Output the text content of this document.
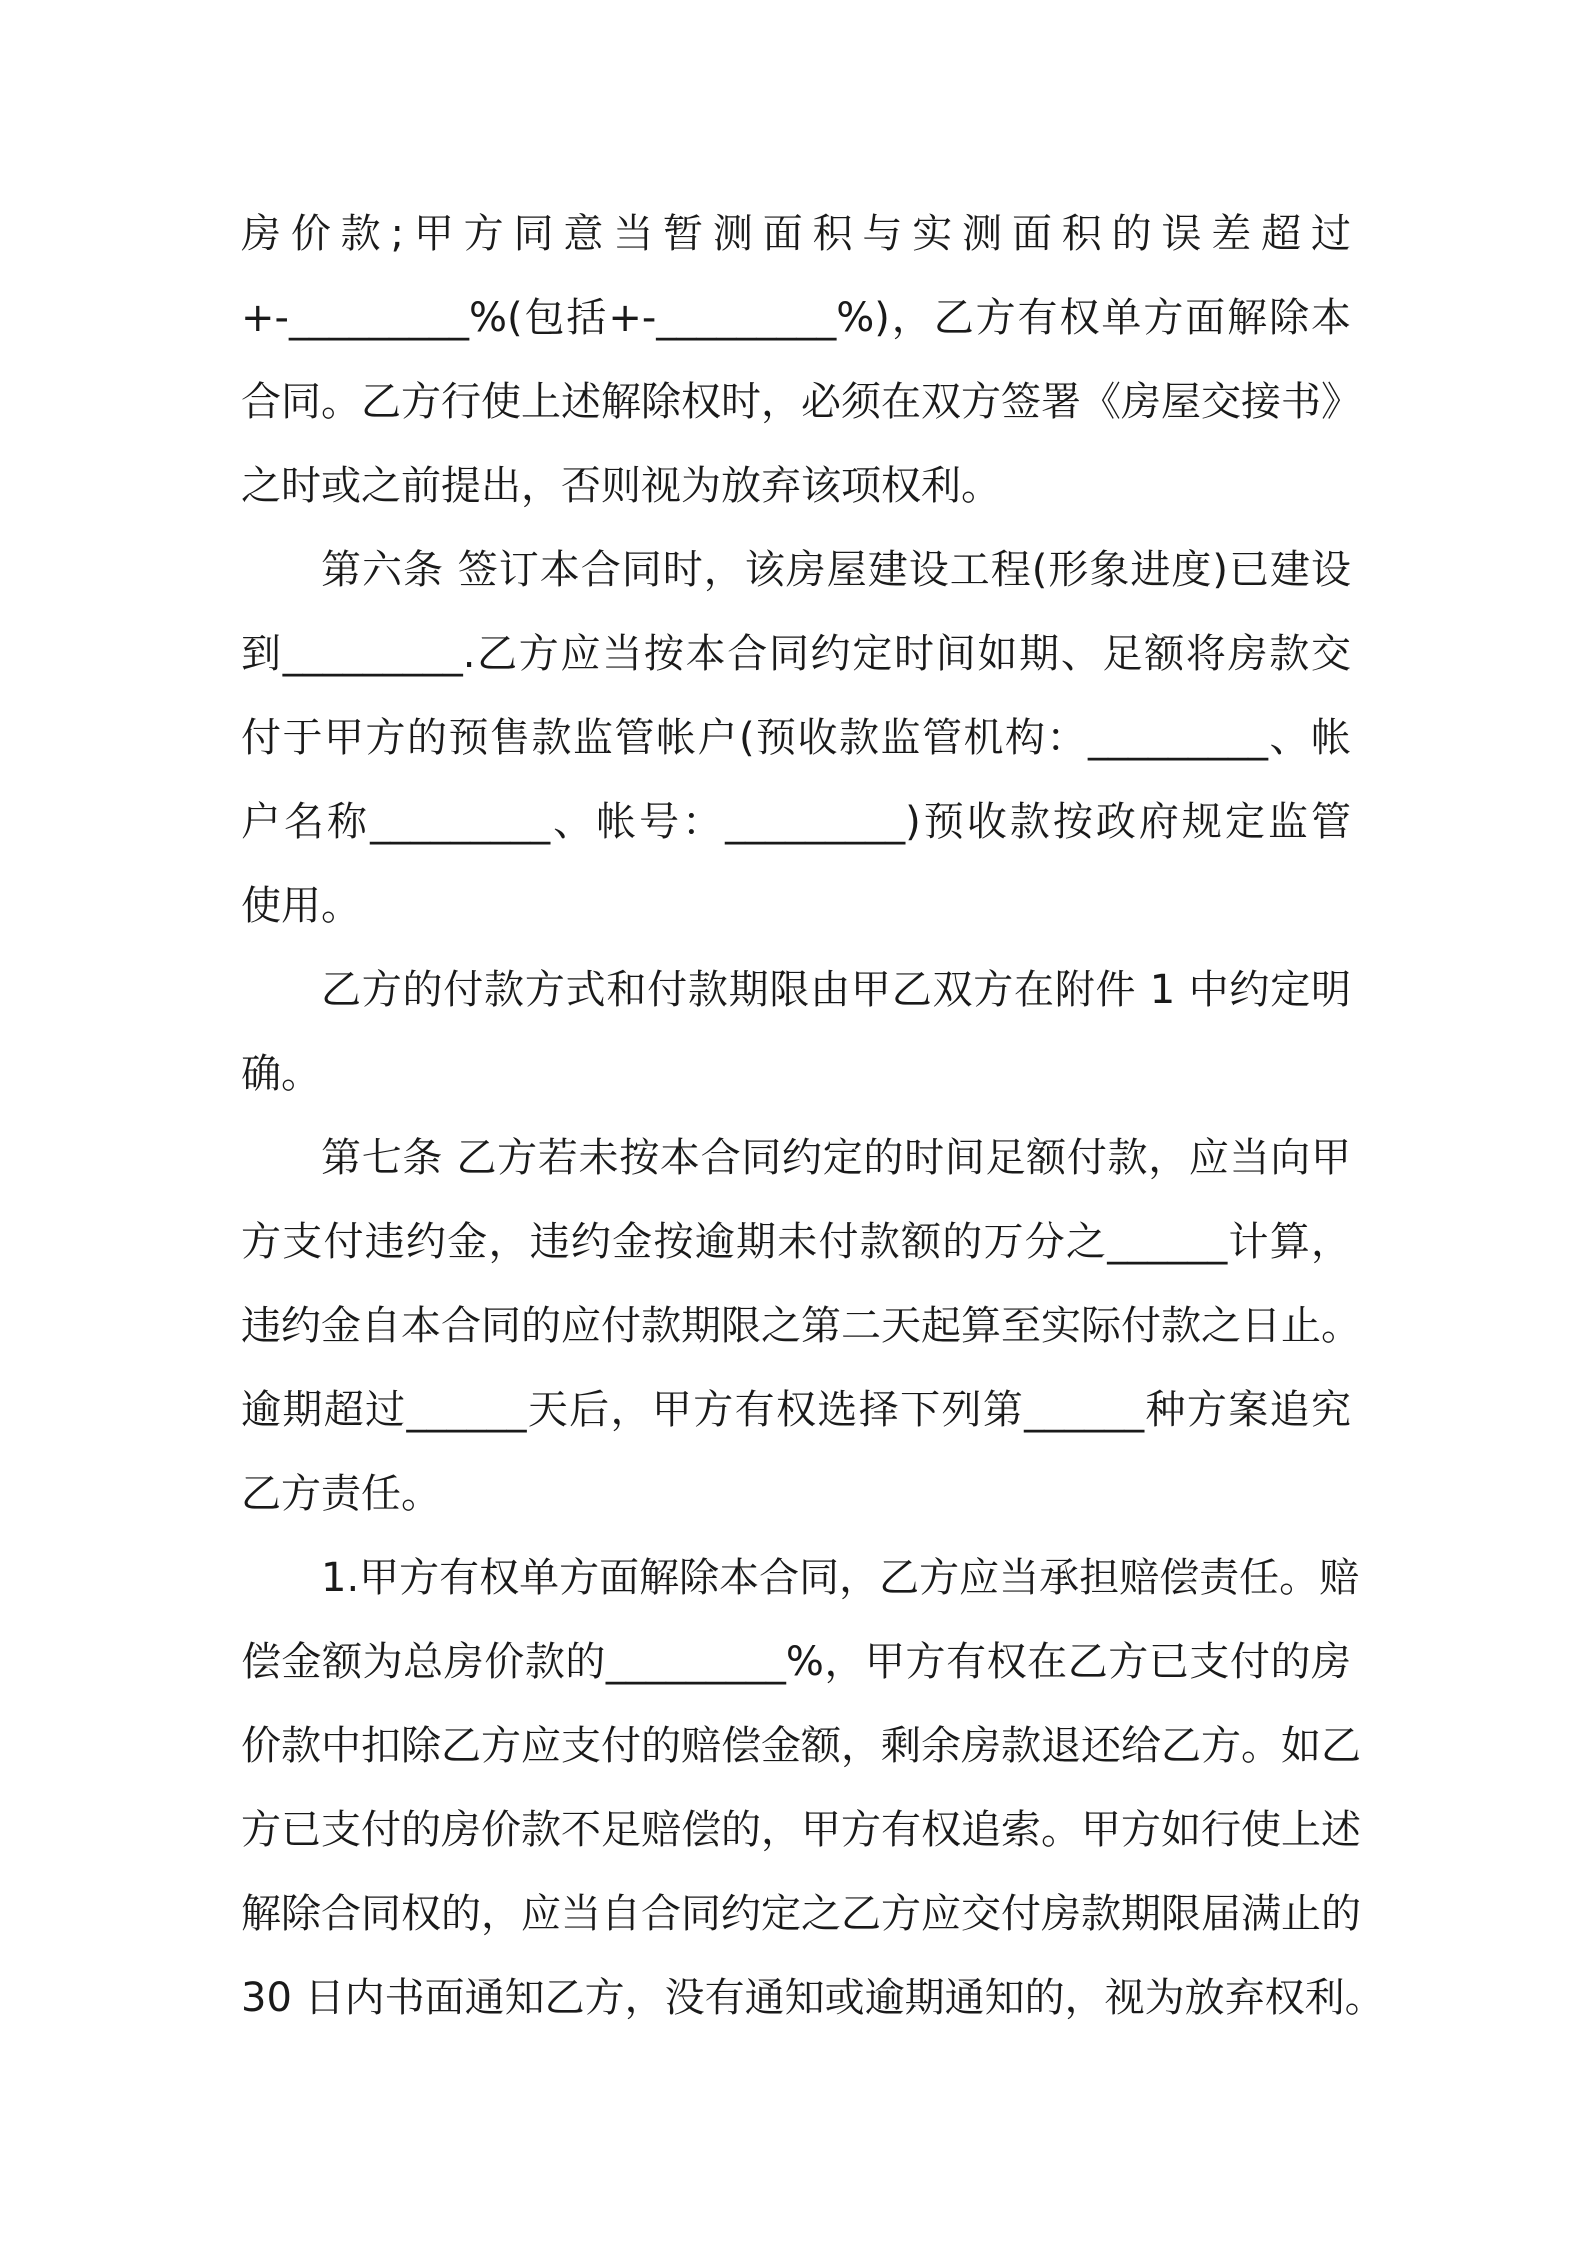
房价款;甲方同意当暂测面积与实测面积的误差超过
+-_________%(包括+-_________%)，乙方有权单方面解除本
合同。乙方行使上述解除权时，必须在双方签署《房屋交接书》
之时或之前提出，否则视为放弃该项权利。
第六条 签订本合同时，该房屋建设工程(形象进度)已建设
到_________.乙方应当按本合同约定时间如期、足额将房款交
付于甲方的预售款监管帐户(预收款监管机构：_________、帐
户名称_________、帐号：_________)预收款按政府规定监管
使用。
乙方的付款方式和付款期限由甲乙双方在附件 1 中约定明
确。
第七条 乙方若未按本合同约定的时间足额付款，应当向甲
方支付违约金，违约金按逾期未付款额的万分之______计算，
违约金自本合同的应付款期限之第二天起算至实际付款之日止。
逾期超过______天后，甲方有权选择下列第______种方案追究
乙方责任。
1.甲方有权单方面解除本合同，乙方应当承担赔偿责任。赔
偿金额为总房价款的_________%，甲方有权在乙方已支付的房
价款中扣除乙方应支付的赔偿金额，剩余房款退还给乙方。如乙
方已支付的房价款不足赔偿的，甲方有权追索。甲方如行使上述
解除合同权的，应当自合同约定之乙方应交付房款期限届满止的
30 日内书面通知乙方，没有通知或逾期通知的，视为放弃权利。
